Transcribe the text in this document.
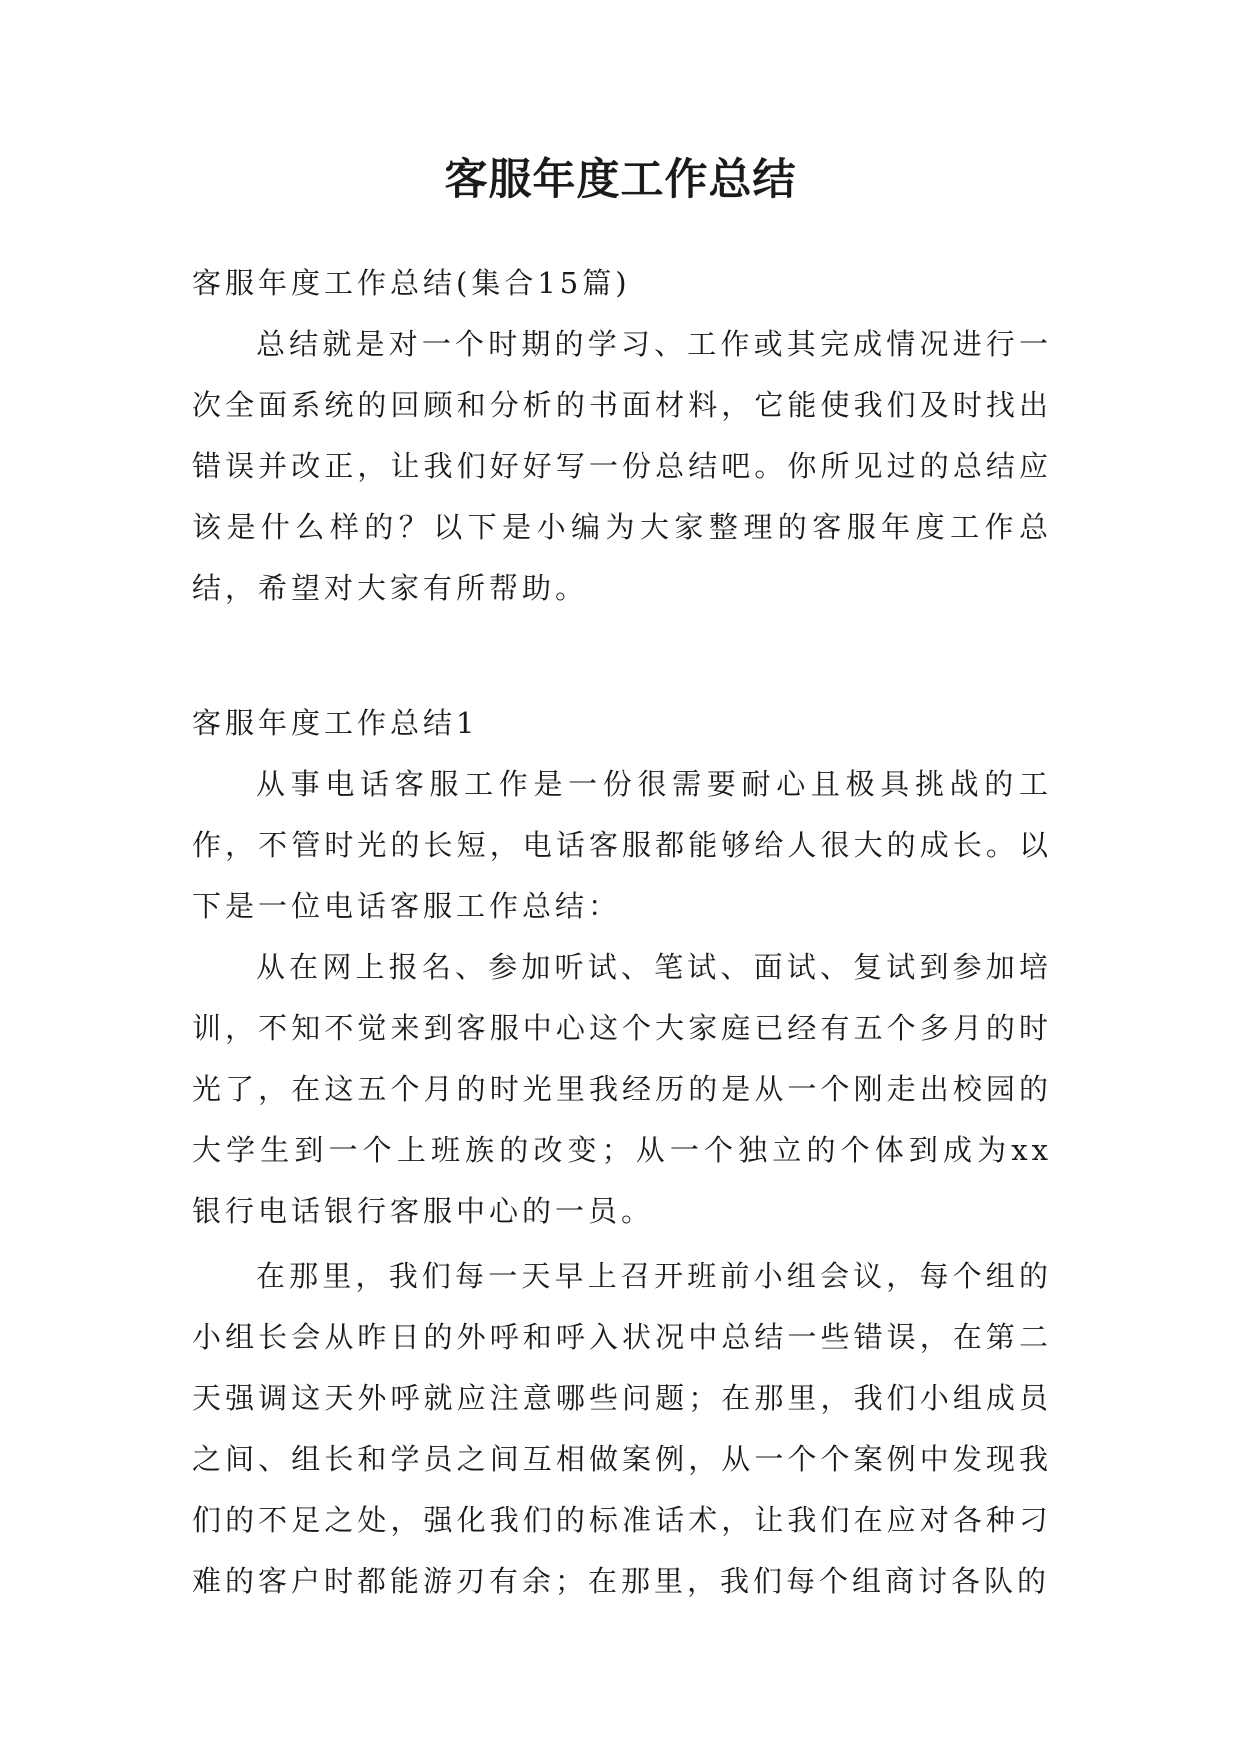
客服年度工作总结

客服年度工作总结(集合15篇)

总结就是对一个时期的学习、工作或其完成情况进行一次全面系统的回顾和分析的书面材料，它能使我们及时找出错误并改正，让我们好好写一份总结吧。你所见过的总结应该是什么样的？以下是小编为大家整理的客服年度工作总结，希望对大家有所帮助。

客服年度工作总结1

从事电话客服工作是一份很需要耐心且极具挑战的工作，不管时光的长短，电话客服都能够给人很大的成长。以下是一位电话客服工作总结：

从在网上报名、参加听试、笔试、面试、复试到参加培训，不知不觉来到客服中心这个大家庭已经有五个多月的时光了，在这五个月的时光里我经历的是从一个刚走出校园的大学生到一个上班族的改变；从一个独立的个体到成为xx银行电话银行客服中心的一员。

在那里，我们每一天早上召开班前小组会议，每个组的小组长会从昨日的外呼和呼入状况中总结一些错误，在第二天强调这天外呼就应注意哪些问题；在那里，我们小组成员之间、组长和学员之间互相做案例，从一个个案例中发现我们的不足之处，强化我们的标准话术，让我们在应对各种刁难的客户时都能游刃有余；在那里，我们每个组商讨各队的
